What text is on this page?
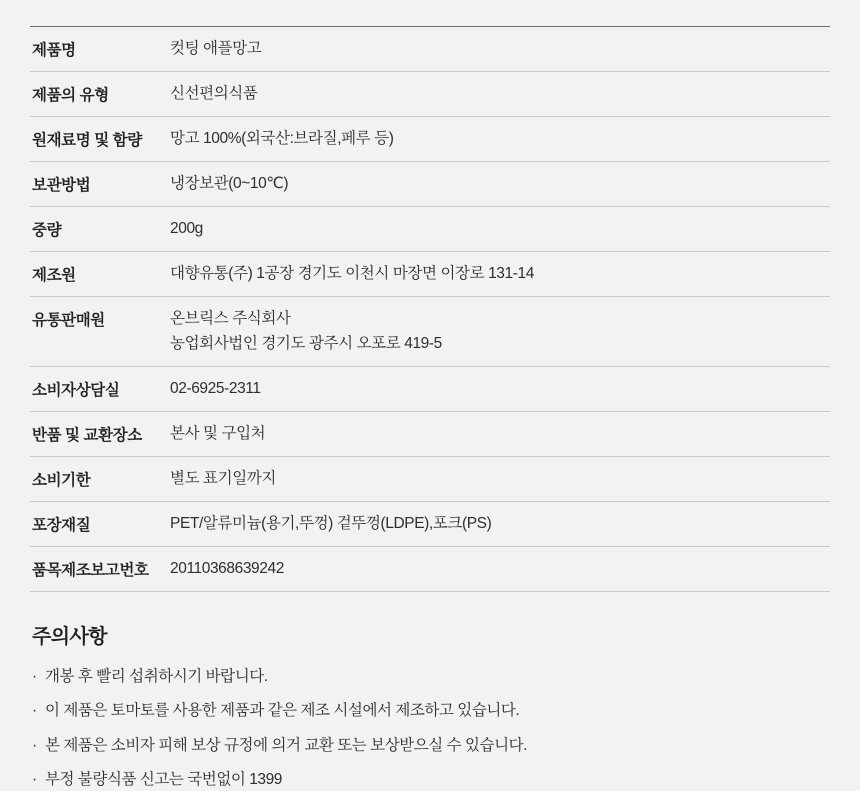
제품명	컷팅 애플망고

제품의 유형	신선편의식품

원재료명 및 함량	망고 100%(외국산:브라질,페루 등)

보관방법	냉장보관(0~10℃)

중량	200g

제조원	대향유통(주) 1공장 경기도 이천시 마장면 이장로 131-14

유통판매원	온브릭스 주식회사
농업회사법인 경기도 광주시 오포로 419-5

소비자상담실	02-6925-2311

반품 및 교환장소	본사 및 구입처

소비기한	별도 표기일까지

포장재질	PET/알류미늄(용기,뚜껑) 겉뚜껑(LDPE),포크(PS)

품목제조보고번호	20110368639242
주의사항
· 개봉 후 빨리 섭취하시기 바랍니다.
· 이 제품은 토마토를 사용한 제품과 같은 제조 시설에서 제조하고 있습니다.
· 본 제품은 소비자 피해 보상 규정에 의거 교환 또는 보상받으실 수 있습니다.
· 부정 불량식품 신고는 국번없이 1399
